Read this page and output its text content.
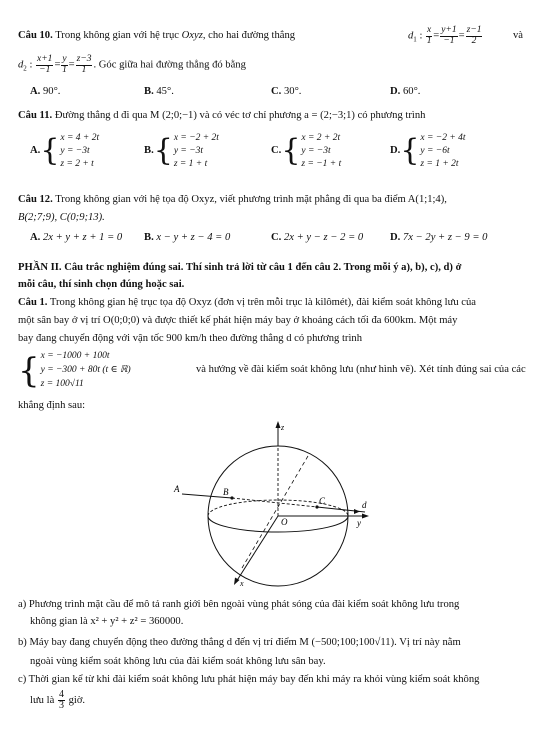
Câu 10. Trong không gian với hệ trục Oxyz, cho hai đường thẳng	$d_1$ : $\frac{x}{1} = \frac{y+1}{-1} = \frac{z-1}{2}$	và
$d_2$ : $\frac{x+1}{-1} = \frac{y}{1} = \frac{z-3}{1}$ . Góc giữa hai đường thẳng đó bằng
A. 90°.	B. 45°.	C. 30°.	D. 60°.
Câu 11. Đường thẳng d đi qua M (2;0;−1) và có véc tơ chỉ phương a = (2;−3;1) có phương trình
A. { x = 4 + 2t
y = −3t
z = 2 + t
B. { x = −2 + 2t
y = −3t
z = 1 + t
C. { x = 2 + 2t
y = −3t
z = −1 + t
D. { x = −2 + 4t
y = −6t
z = 1 + 2t
Câu 12. Trong không gian với hệ tọa độ Oxyz, viết phương trình mặt phẳng đi qua ba điểm A(1;1;4),
B(2;7;9), C(0;9;13).
A. 2x + y + z + 1 = 0 B. x − y + z − 4 = 0	C. 2x + y − z − 2 = 0	D. 7x − 2y + z − 9 = 0
PHẦN II. Câu trắc nghiệm đúng sai. Thí sinh trả lời từ câu 1 đến câu 2. Trong mỗi ý a), b), c), d) ở
mỗi câu, thí sinh chọn đúng hoặc sai.
Câu 1. Trong không gian hệ trục tọa độ Oxyz (đơn vị trên mỗi trục là kilômét), đài kiểm soát không lưu của
một sân bay ở vị trí O(0;0;0) và được thiết kế phát hiện máy bay ở khoảng cách tối đa 600km. Một máy
bay đang chuyển động với vận tốc 900 km/h theo đường thẳng d có phương trình
{ x = −1000 + 100t
y = −300 + 80t (t ∈ ℝ)
z = 100√11
và hướng về đài kiểm soát không lưu (như hình vẽ). Xét tính đúng sai của các
khẳng định sau:
z
y
x
O
A	B
C	d
a) Phương trình mặt cầu để mô tả ranh giới bên ngoài vùng phát sóng của đài kiểm soát không lưu trong
không gian là x² + y² + z² = 360000.
b) Máy bay đang chuyển động theo đường thẳng d đến vị trí điểm M (−500;100;100√11). Vị trí này nằm
ngoài vùng kiểm soát không lưu của đài kiểm soát không lưu sân bay.
c) Thời gian kể từ khi đài kiểm soát không lưu phát hiện máy bay đến khi máy ra khỏi vùng kiểm soát không
lưu là $\frac{4}{3}$ giờ.
